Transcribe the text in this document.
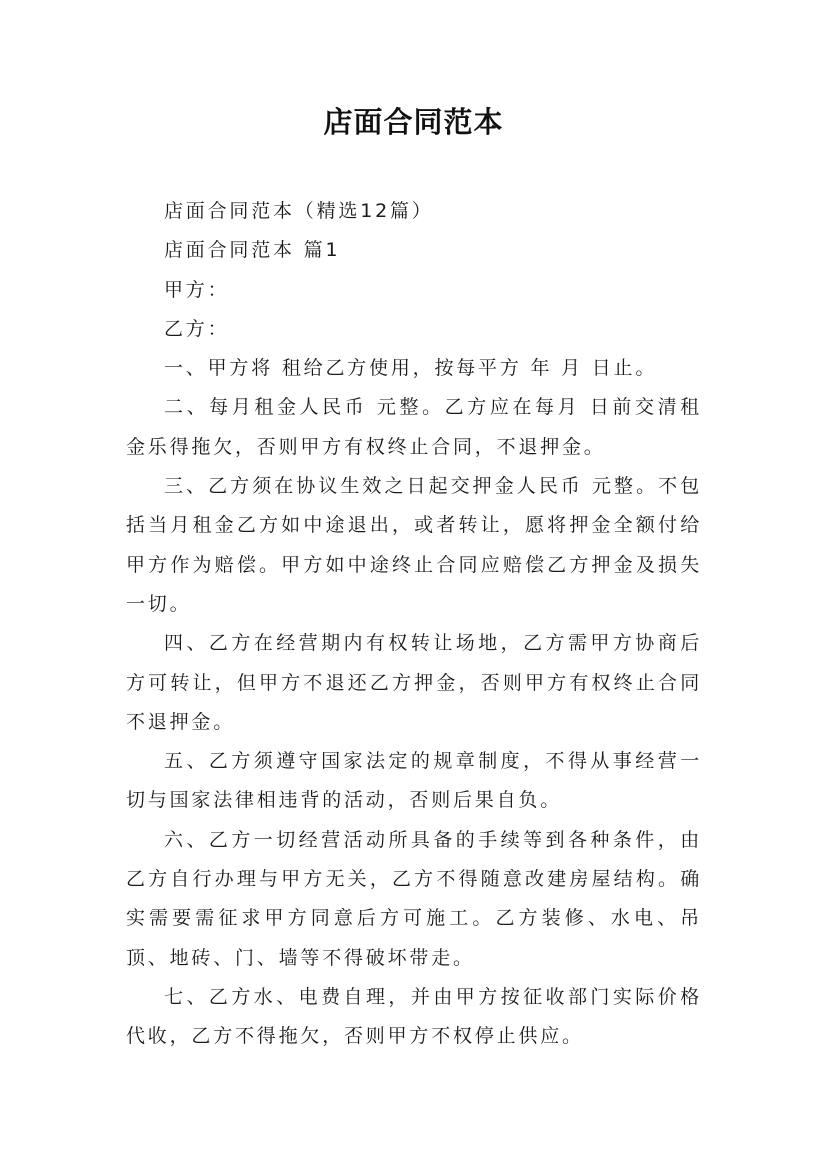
店面合同范本

店面合同范本（精选12篇）

店面合同范本 篇1

甲方：

乙方：

一、甲方将 租给乙方使用，按每平方 年 月 日止。

二、每月租金人民币 元整。乙方应在每月 日前交清租金乐得拖欠，否则甲方有权终止合同，不退押金。

三、乙方须在协议生效之日起交押金人民币 元整。不包括当月租金乙方如中途退出，或者转让，愿将押金全额付给甲方作为赔偿。甲方如中途终止合同应赔偿乙方押金及损失一切。

四、乙方在经营期内有权转让场地，乙方需甲方协商后方可转让，但甲方不退还乙方押金，否则甲方有权终止合同不退押金。

五、乙方须遵守国家法定的规章制度，不得从事经营一切与国家法律相违背的活动，否则后果自负。

六、乙方一切经营活动所具备的手续等到各种条件，由乙方自行办理与甲方无关，乙方不得随意改建房屋结构。确实需要需征求甲方同意后方可施工。乙方装修、水电、吊顶、地砖、门、墙等不得破坏带走。

七、乙方水、电费自理，并由甲方按征收部门实际价格代收，乙方不得拖欠，否则甲方不权停止供应。
